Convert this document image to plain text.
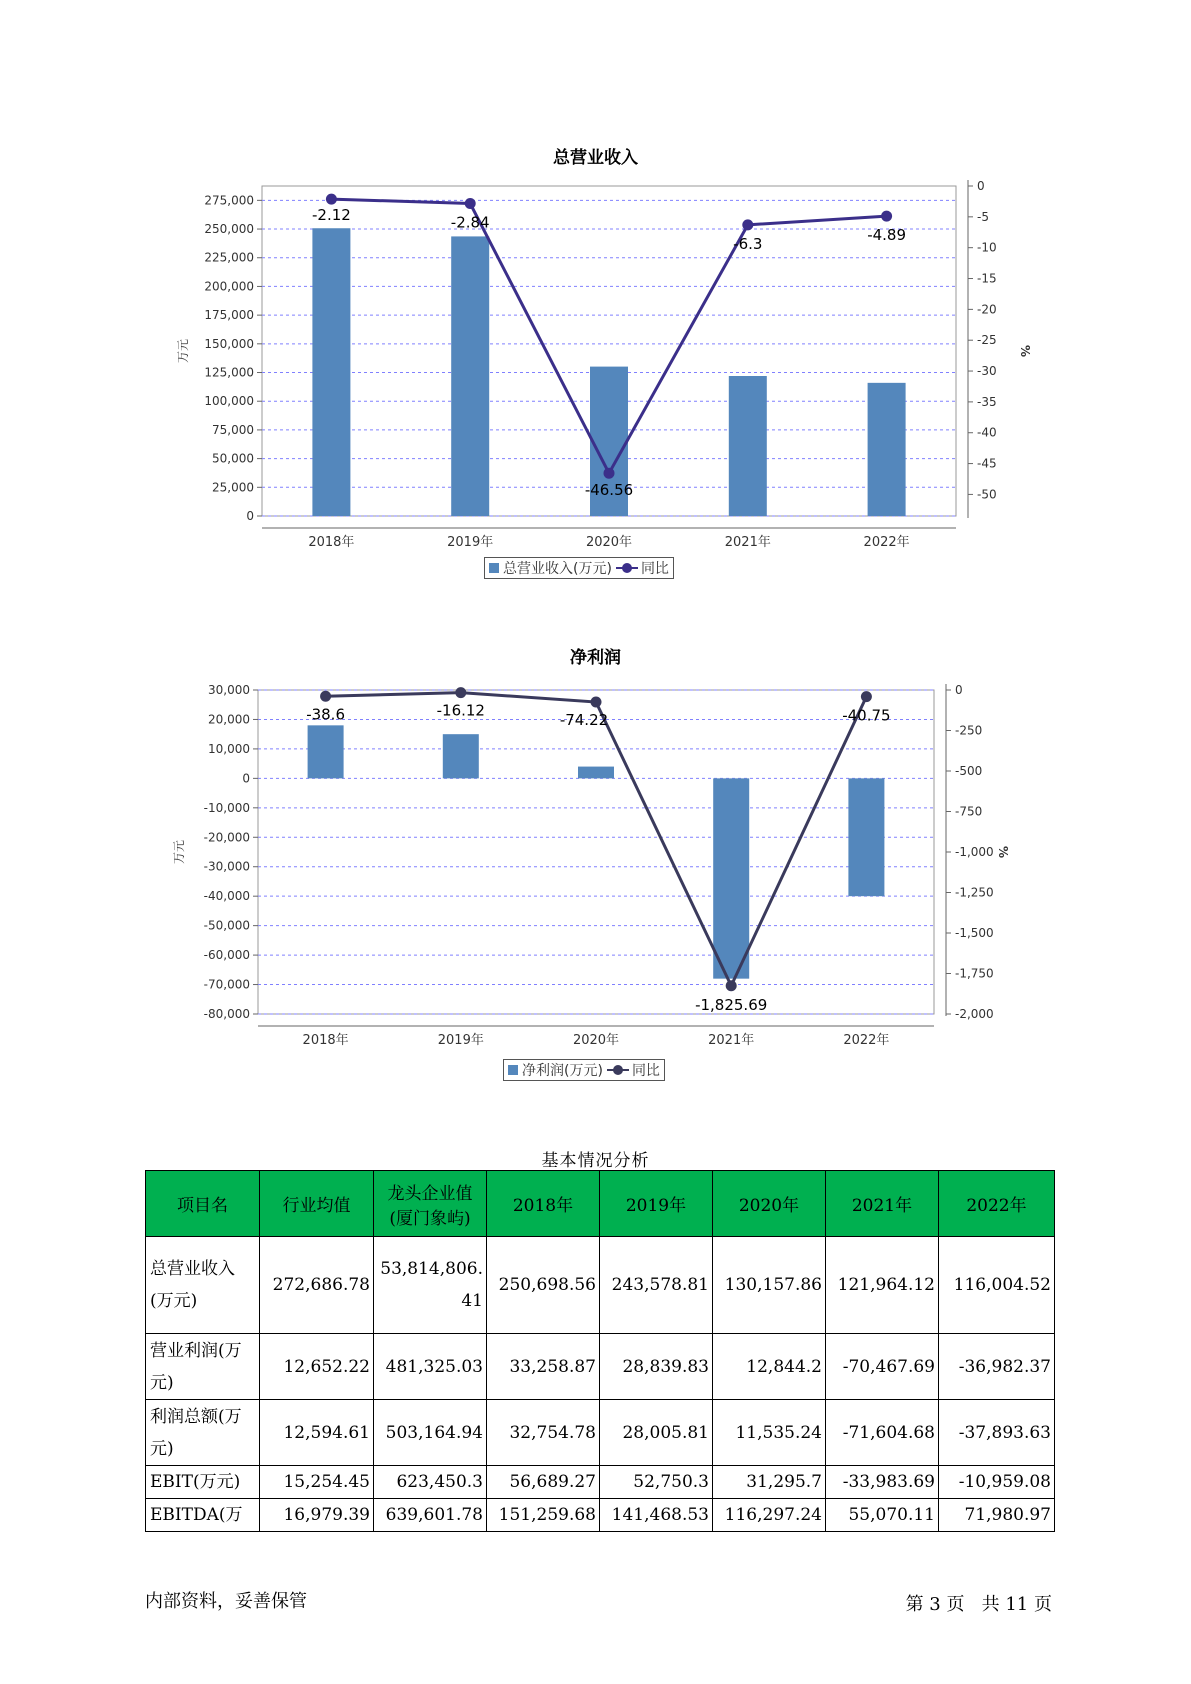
总营业收入
0
25,000
50,000
75,000
100,000
125,000
150,000
175,000
200,000
225,000
250,000
275,000
0
-5
-10
-15
-20
-25
-30
-35
-40
-45
-50
2018年	2019年	2020年	2021年	2022年
万元	%
-2.12	-2.84
-46.56
-6.3	-4.89
总营业收入(万元) 同比
净利润
30,000
20,000
10,000
0
-10,000
-20,000
-30,000
-40,000
-50,000
-60,000
-70,000
-80,000
0
-250
-500
-750
-1,000
-1,250
-1,500
-1,750
-2,000
2018年	2019年	2020年	2021年	2022年
万元	%
-38.6	-16.12
-74.22
-1,825.69
-40.75
净利润(万元) 同比
基本情况分析
项目名	行业均值	龙头企业值(厦门象屿)	2018年	2019年	2020年	2021年	2022年
总营业收入(万元)	272,686.78	53,814,806.41	250,698.56	243,578.81	130,157.86	121,964.12	116,004.52
营业利润(万元)	12,652.22	481,325.03	33,258.87	28,839.83	12,844.2	-70,467.69	-36,982.37
利润总额(万元)	12,594.61	503,164.94	32,754.78	28,005.81	11,535.24	-71,604.68	-37,893.63
EBIT(万元)	15,254.45	623,450.3	56,689.27	52,750.3	31,295.7	-33,983.69	-10,959.08
EBITDA(万	16,979.39	639,601.78	151,259.68	141,468.53	116,297.24	55,070.11	71,980.97
内部资料，妥善保管	第 3 页   共 11 页
